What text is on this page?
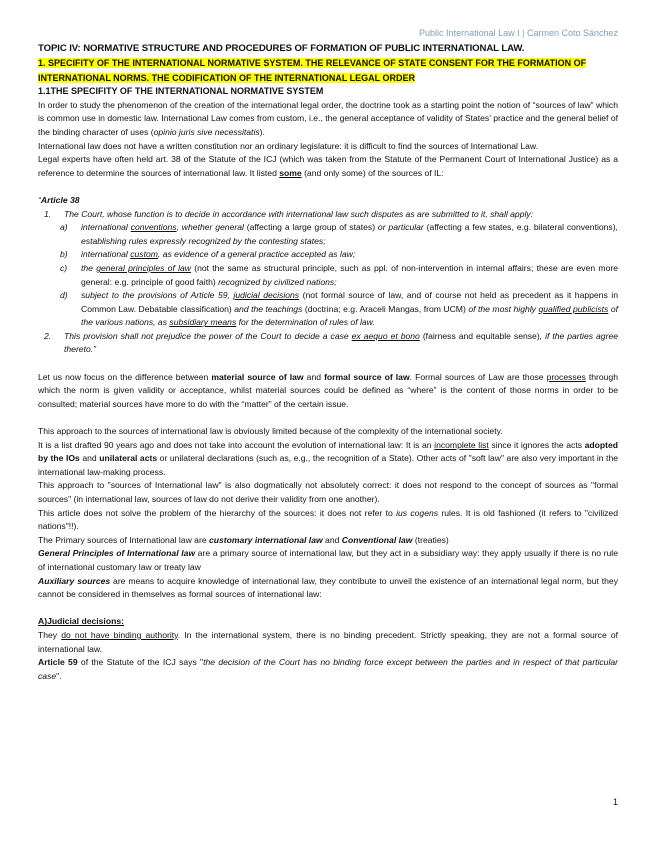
Public International Law I | Carmen Coto Sánchez

TOPIC IV: NORMATIVE STRUCTURE AND PROCEDURES OF FORMATION OF PUBLIC INTERNATIONAL LAW.

1. SPECIFITY OF THE INTERNATIONAL NORMATIVE SYSTEM. THE RELEVANCE OF STATE CONSENT FOR THE FORMATION OF INTERNATIONAL NORMS. THE CODIFICATION OF THE INTERNATIONAL LEGAL ORDER

1.1THE SPECIFITY OF THE INTERNATIONAL NORMATIVE SYSTEM

In order to study the phenomenon of the creation of the international legal order, the doctrine took as a starting point the notion of “sources of law” which is common use in domestic law. International Law comes from custom, i.e., the general acceptance of validity of States’ practice and the general belief of the binding character of uses (opinio juris sive necessitatis).

International law does not have a written constitution nor an ordinary legislature: it is difficult to find the sources of International Law.

Legal experts have often held art. 38 of the Statute of the ICJ (which was taken from the Statute of the Permanent Court of International Justice) as a reference to determine the sources of international law. It listed some (and only some) of the sources of IL:

“Article 38

1. The Court, whose function is to decide in accordance with international law such disputes as are submitted to it, shall apply:
a) international conventions, whether general (affecting a large group of states) or particular (affecting a few states, e.g. bilateral conventions), establishing rules expressly recognized by the contesting states;
b) international custom, as evidence of a general practice accepted as law;
c) the general principles of law (not the same as structural principle, such as ppl. of non-intervention in internal affairs; these are even more general: e.g. principle of good faith) recognized by civilized nations;
d) subject to the provisions of Article 59, judicial decisions (not formal source of law, and of course not held as precedent as it happens in Common Law. Debatable classification) and the teachings (doctrina; e.g. Araceli Mangas, from UCM) of the most highly qualified publicists of the various nations, as subsidiary means for the determination of rules of law.
2. This provision shall not prejudice the power of the Court to decide a case ex aequo et bono (fairness and equitable sense), if the parties agree thereto.”

Let us now focus on the difference between material source of law and formal source of law. Formal sources of Law are those processes through which the norm is given validity or acceptance, whilst material sources could be defined as “where” is the content of those norms in order to be consulted; material sources have more to do with the “matter” of the certain issue.

This approach to the sources of international law is obviously limited because of the complexity of the international society.

It is a list drafted 90 years ago and does not take into account the evolution of international law: It is an incomplete list since it ignores the acts adopted by the IOs and unilateral acts or unilateral declarations (such as, e.g., the recognition of a State). Other acts of "soft law" are also very important in the international law-making process.

This approach to "sources of International law" is also dogmatically not absolutely correct: it does not respond to the concept of sources as "formal sources" (in international law, sources of law do not derive their validity from one another).

This article does not solve the problem of the hierarchy of the sources: it does not refer to ius cogens rules. It is old fashioned (it refers to "civilized nations"!!).

The Primary sources of International law are customary international law and Conventional law (treaties)

General Principles of International law are a primary source of international law, but they act in a subsidiary way: they apply usually if there is no rule of international customary law or treaty law

Auxiliary sources are means to acquire knowledge of international law, they contribute to unveil the existence of an international legal norm, but they cannot be considered in themselves as formal sources of international law:

A)Judicial decisions:

They do not have binding authority. In the international system, there is no binding precedent. Strictly speaking, they are not a formal source of international law.

Article 59 of the Statute of the ICJ says "the decision of the Court has no binding force except between the parties and in respect of that particular case".

1
